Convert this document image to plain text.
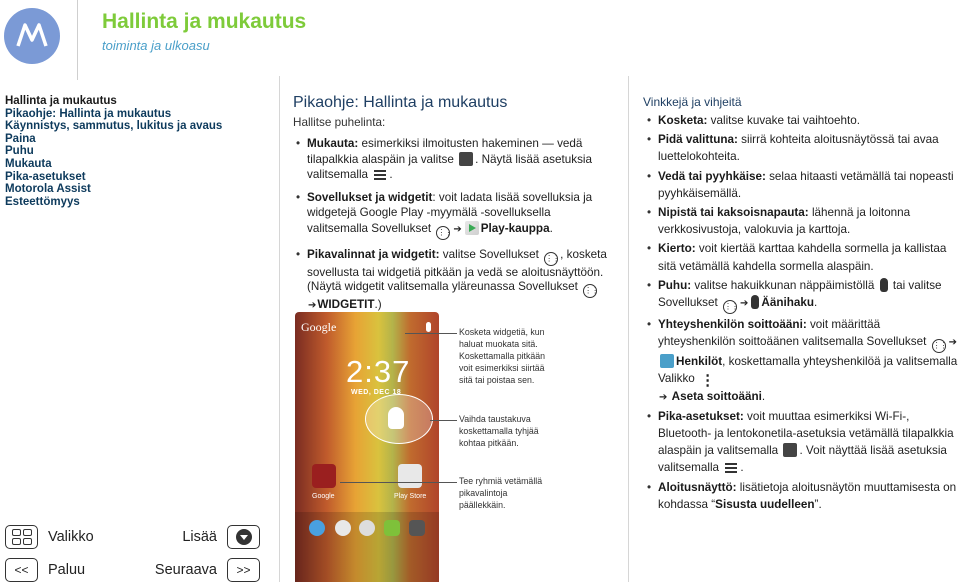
Hallinta ja mukautus
toiminta ja ulkoasu
Hallinta ja mukautus
Pikaohje: Hallinta ja mukautus
Käynnistys, sammutus, lukitus ja avaus
Paina
Puhu
Mukauta
Pika-asetukset
Motorola Assist
Esteettömyys
Valikko	Lisää
<<	Paluu	Seuraava	>>
Pikaohje: Hallinta ja mukautus
Hallitse puhelinta:
• Mukauta: esimerkiksi ilmoitusten hakeminen — vedä tilapalkkia alaspäin ja valitse . Näytä lisää asetuksia valitsemalla
.
• Sovellukset ja widgetit: voit ladata lisää sovelluksia ja widgetejä Google Play -myymälä -sovelluksella valitsemalla Sovellukset ⋮⋮➔ Play-kauppa.
• Pikavalinnat ja widgetit: valitse Sovellukset ⋮⋮, kosketa sovellusta tai widgetiä pitkään ja vedä se aloitusnäyttöön. (Näytä widgetit valitsemalla yläreunassa Sovellukset ⋮⋮➔WIDGETIT.)
Google
2:37
WED, DEC 18
Google	Play Store
Kosketa widgetiä, kun haluat muokata sitä. Koskettamalla pitkään voit esimerkiksi siirtää sitä tai poistaa sen.
Vaihda taustakuva koskettamalla tyhjää kohtaa pitkään.
Tee ryhmiä vetämällä pikavalintoja päällekkäin.
Vinkkejä ja vihjeitä
• Kosketa: valitse kuvake tai vaihtoehto.
• Pidä valittuna: siirrä kohteita aloitusnäytössä tai avaa luettelokohteita.
• Vedä tai pyyhkäise: selaa hitaasti vetämällä tai nopeasti pyyhkäisemällä.
• Nipistä tai kaksoisnapauta: lähennä ja loitonna verkkosivustoja, valokuvia ja karttoja.
• Kierto: voit kiertää karttaa kahdella sormella ja kallistaa sitä vetämällä kahdella sormella alaspäin.
• Puhu: valitse hakuikkunan näppäimistöllä  tai valitse Sovellukset ⋮⋮➔ Äänihaku.
• Yhteyshenkilön soittoääni: voit määrittää yhteyshenkilön soittoäänen valitsemalla Sovellukset ⋮⋮➔Henkilöt, koskettamalla yhteyshenkilöä ja valitsemalla Valikko ⋮
➔ Aseta soittoääni.
• Pika-asetukset: voit muuttaa esimerkiksi Wi-Fi-, Bluetooth- ja lentokonetila-asetuksia vetämällä tilapalkkia alaspäin ja valitsemalla . Voit näyttää lisää asetuksia valitsemalla
.
• Aloitusnäyttö: lisätietoja aloitusnäytön muuttamisesta on kohdassa “Sisusta uudelleen”.
